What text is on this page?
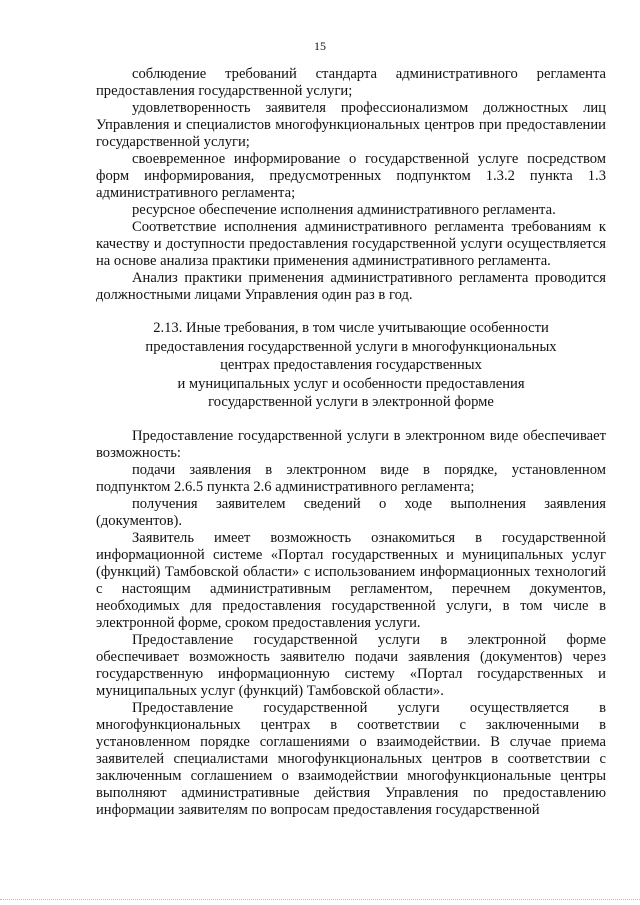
15

соблюдение требований стандарта административного регламента предоставления государственной услуги;

удовлетворенность заявителя профессионализмом должностных лиц Управления и специалистов многофункциональных центров при предоставлении государственной услуги;

своевременное информирование о государственной услуге посредством форм информирования, предусмотренных подпунктом 1.3.2 пункта 1.3 административного регламента;

ресурсное обеспечение исполнения административного регламента.

Соответствие исполнения административного регламента требованиям к качеству и доступности предоставления государственной услуги осуществляется на основе анализа практики применения административного регламента.

Анализ практики применения административного регламента проводится должностными лицами Управления один раз в год.

2.13. Иные требования, в том числе учитывающие особенности
предоставления государственной услуги в многофункциональных
центрах предоставления государственных
и муниципальных услуг и особенности предоставления
государственной услуги в электронной форме

Предоставление государственной услуги в электронном виде обеспечивает возможность:

подачи заявления в электронном виде в порядке, установленном подпунктом 2.6.5 пункта 2.6 административного регламента;

получения заявителем сведений о ходе выполнения заявления (документов).

Заявитель имеет возможность ознакомиться в государственной информационной системе «Портал государственных и муниципальных услуг (функций) Тамбовской области» с использованием информационных технологий с настоящим административным регламентом, перечнем документов, необходимых для предоставления государственной услуги, в том числе в электронной форме, сроком предоставления услуги.

Предоставление государственной услуги в электронной форме обеспечивает возможность заявителю подачи заявления (документов) через государственную информационную систему «Портал государственных и муниципальных услуг (функций) Тамбовской области».

Предоставление государственной услуги осуществляется в многофункциональных центрах в соответствии с заключенными в установленном порядке соглашениями о взаимодействии. В случае приема заявителей специалистами многофункциональных центров в соответствии с заключенным соглашением о взаимодействии многофункциональные центры выполняют административные действия Управления по предоставлению информации заявителям по вопросам предоставления государственной
